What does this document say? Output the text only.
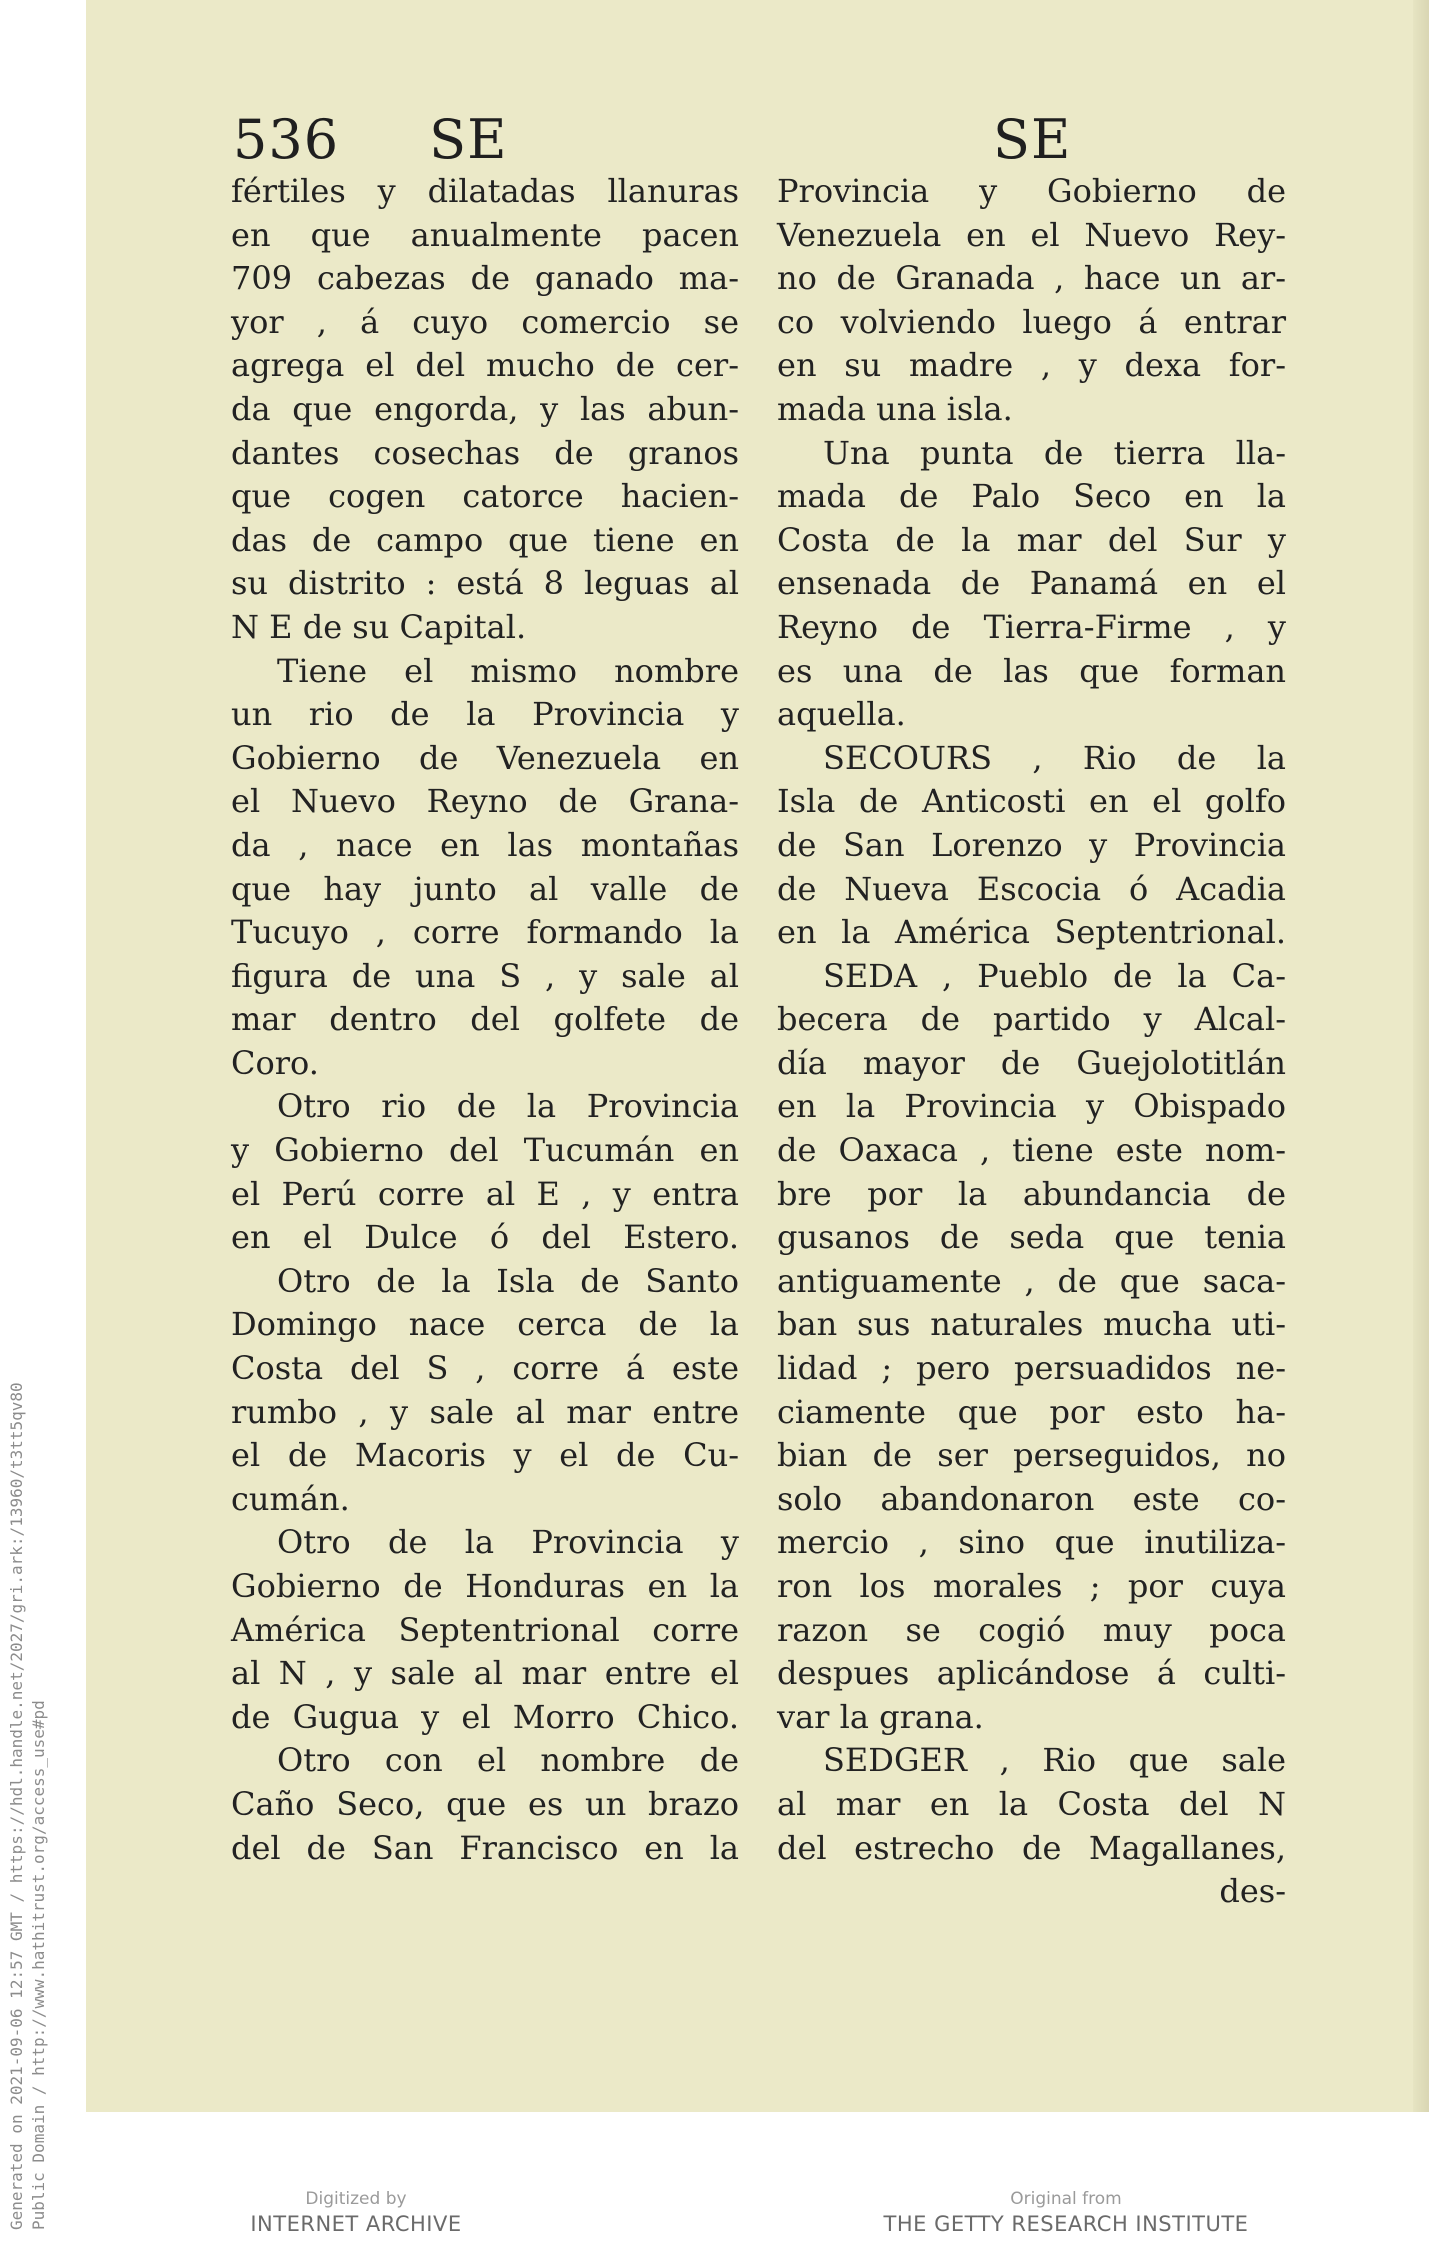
Generated on 2021-09-06 12:57 GMT / https://hdl.handle.net/2027/gri.ark:/13960/t3tt5qv80 Public Domain / http://www.hathitrust.org/access_use#pd
536 SE	SE
fértiles y dilatadas llanuras
en que anualmente pacen
709 cabezas de ganado ma-
yor , á cuyo comercio se
agrega el del mucho de cer-
da que engorda, y las abun-
dantes cosechas de granos
que cogen catorce hacien-
das de campo que tiene en
su distrito : está 8 leguas al
N E de su Capital.
Tiene el mismo nombre
un rio de la Provincia y
Gobierno de Venezuela en
el Nuevo Reyno de Grana-
da , nace en las montañas
que hay junto al valle de
Tucuyo , corre formando la
figura de una S , y sale al
mar dentro del golfete de
Coro.
Otro rio de la Provincia
y Gobierno del Tucumán en
el Perú corre al E , y entra
en el Dulce ó del Estero.
Otro de la Isla de Santo
Domingo nace cerca de la
Costa del S , corre á este
rumbo , y sale al mar entre
el de Macoris y el de Cu-
cumán.
Otro de la Provincia y
Gobierno de Honduras en la
América Septentrional corre
al N , y sale al mar entre el
de Gugua y el Morro Chico.
Otro con el nombre de
Caño Seco, que es un brazo
del de San Francisco en la
Provincia y Gobierno de
Venezuela en el Nuevo Rey-
no de Granada , hace un ar-
co volviendo luego á entrar
en su madre , y dexa for-
mada una isla.
Una punta de tierra lla-
mada de Palo Seco en la
Costa de la mar del Sur y
ensenada de Panamá en el
Reyno de Tierra-Firme , y
es una de las que forman
aquella.
SECOURS , Rio de la
Isla de Anticosti en el golfo
de San Lorenzo y Provincia
de Nueva Escocia ó Acadia
en la América Septentrional.
SEDA , Pueblo de la Ca-
becera de partido y Alcal-
día mayor de Guejolotitlán
en la Provincia y Obispado
de Oaxaca , tiene este nom-
bre por la abundancia de
gusanos de seda que tenia
antiguamente , de que saca-
ban sus naturales mucha uti-
lidad ; pero persuadidos ne-
ciamente que por esto ha-
bian de ser perseguidos, no
solo abandonaron este co-
mercio , sino que inutiliza-
ron los morales ; por cuya
razon se cogió muy poca
despues aplicándose á culti-
var la grana.
SEDGER , Rio que sale
al mar en la Costa del N
del estrecho de Magallanes,
des-
Digitized by
INTERNET ARCHIVE
Original from
THE GETTY RESEARCH INSTITUTE
